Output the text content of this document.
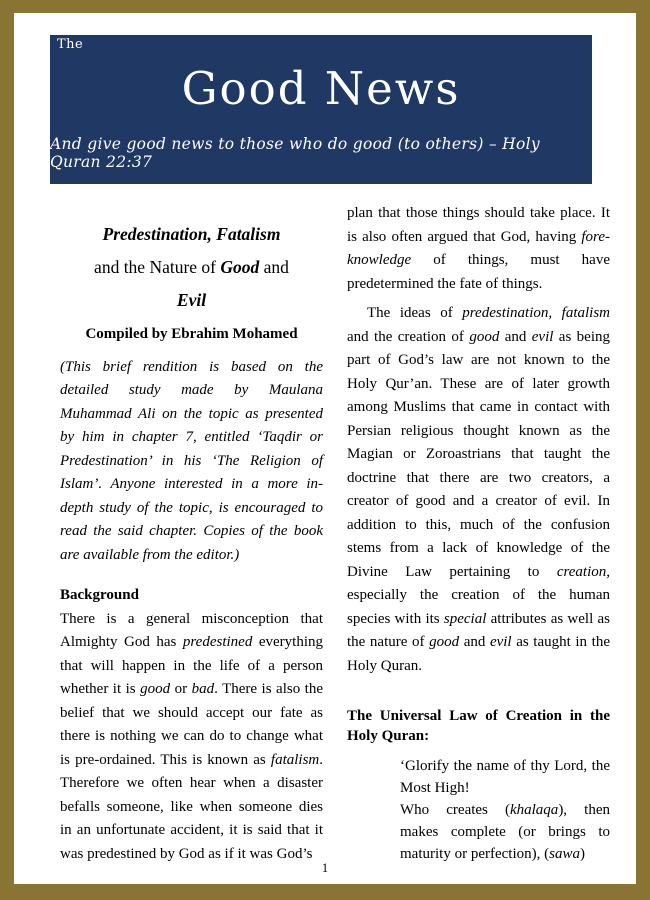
The
Good News
And give good news to those who do good (to others) – Holy Quran 22:37
July 2019 Volume 10 No. 7
Predestination, Fatalism
and the Nature of Good and
Evil
Compiled by Ebrahim Mohamed
(This brief rendition is based on the detailed study made by Maulana Muhammad Ali on the topic as presented by him in chapter 7, entitled ‘Taqdir or Predestination’ in his ‘The Religion of Islam’. Anyone interested in a more in-depth study of the topic, is encouraged to read the said chapter. Copies of the book are available from the editor.)
Background
There is a general misconception that Almighty God has predestined everything that will happen in the life of a person whether it is good or bad. There is also the belief that we should accept our fate as there is nothing we can do to change what is pre-ordained. This is known as fatalism. Therefore we often hear when a disaster befalls someone, like when someone dies in an unfortunate accident, it is said that it was predestined by God as if it was God’s
plan that those things should take place. It is also often argued that God, having fore-knowledge of things, must have predetermined the fate of things.
The ideas of predestination, fatalism and the creation of good and evil as being part of God’s law are not known to the Holy Qur’an. These are of later growth among Muslims that came in contact with Persian religious thought known as the Magian or Zoroastrians that taught the doctrine that there are two creators, a creator of good and a creator of evil. In addition to this, much of the confusion stems from a lack of knowledge of the Divine Law pertaining to creation, especially the creation of the human species with its special attributes as well as the nature of good and evil as taught in the Holy Quran.
The Universal Law of Creation in the Holy Quran:
‘Glorify the name of thy Lord, the Most High!
Who creates (khalaqa), then makes complete (or brings to maturity or perfection), (sawa)
1
